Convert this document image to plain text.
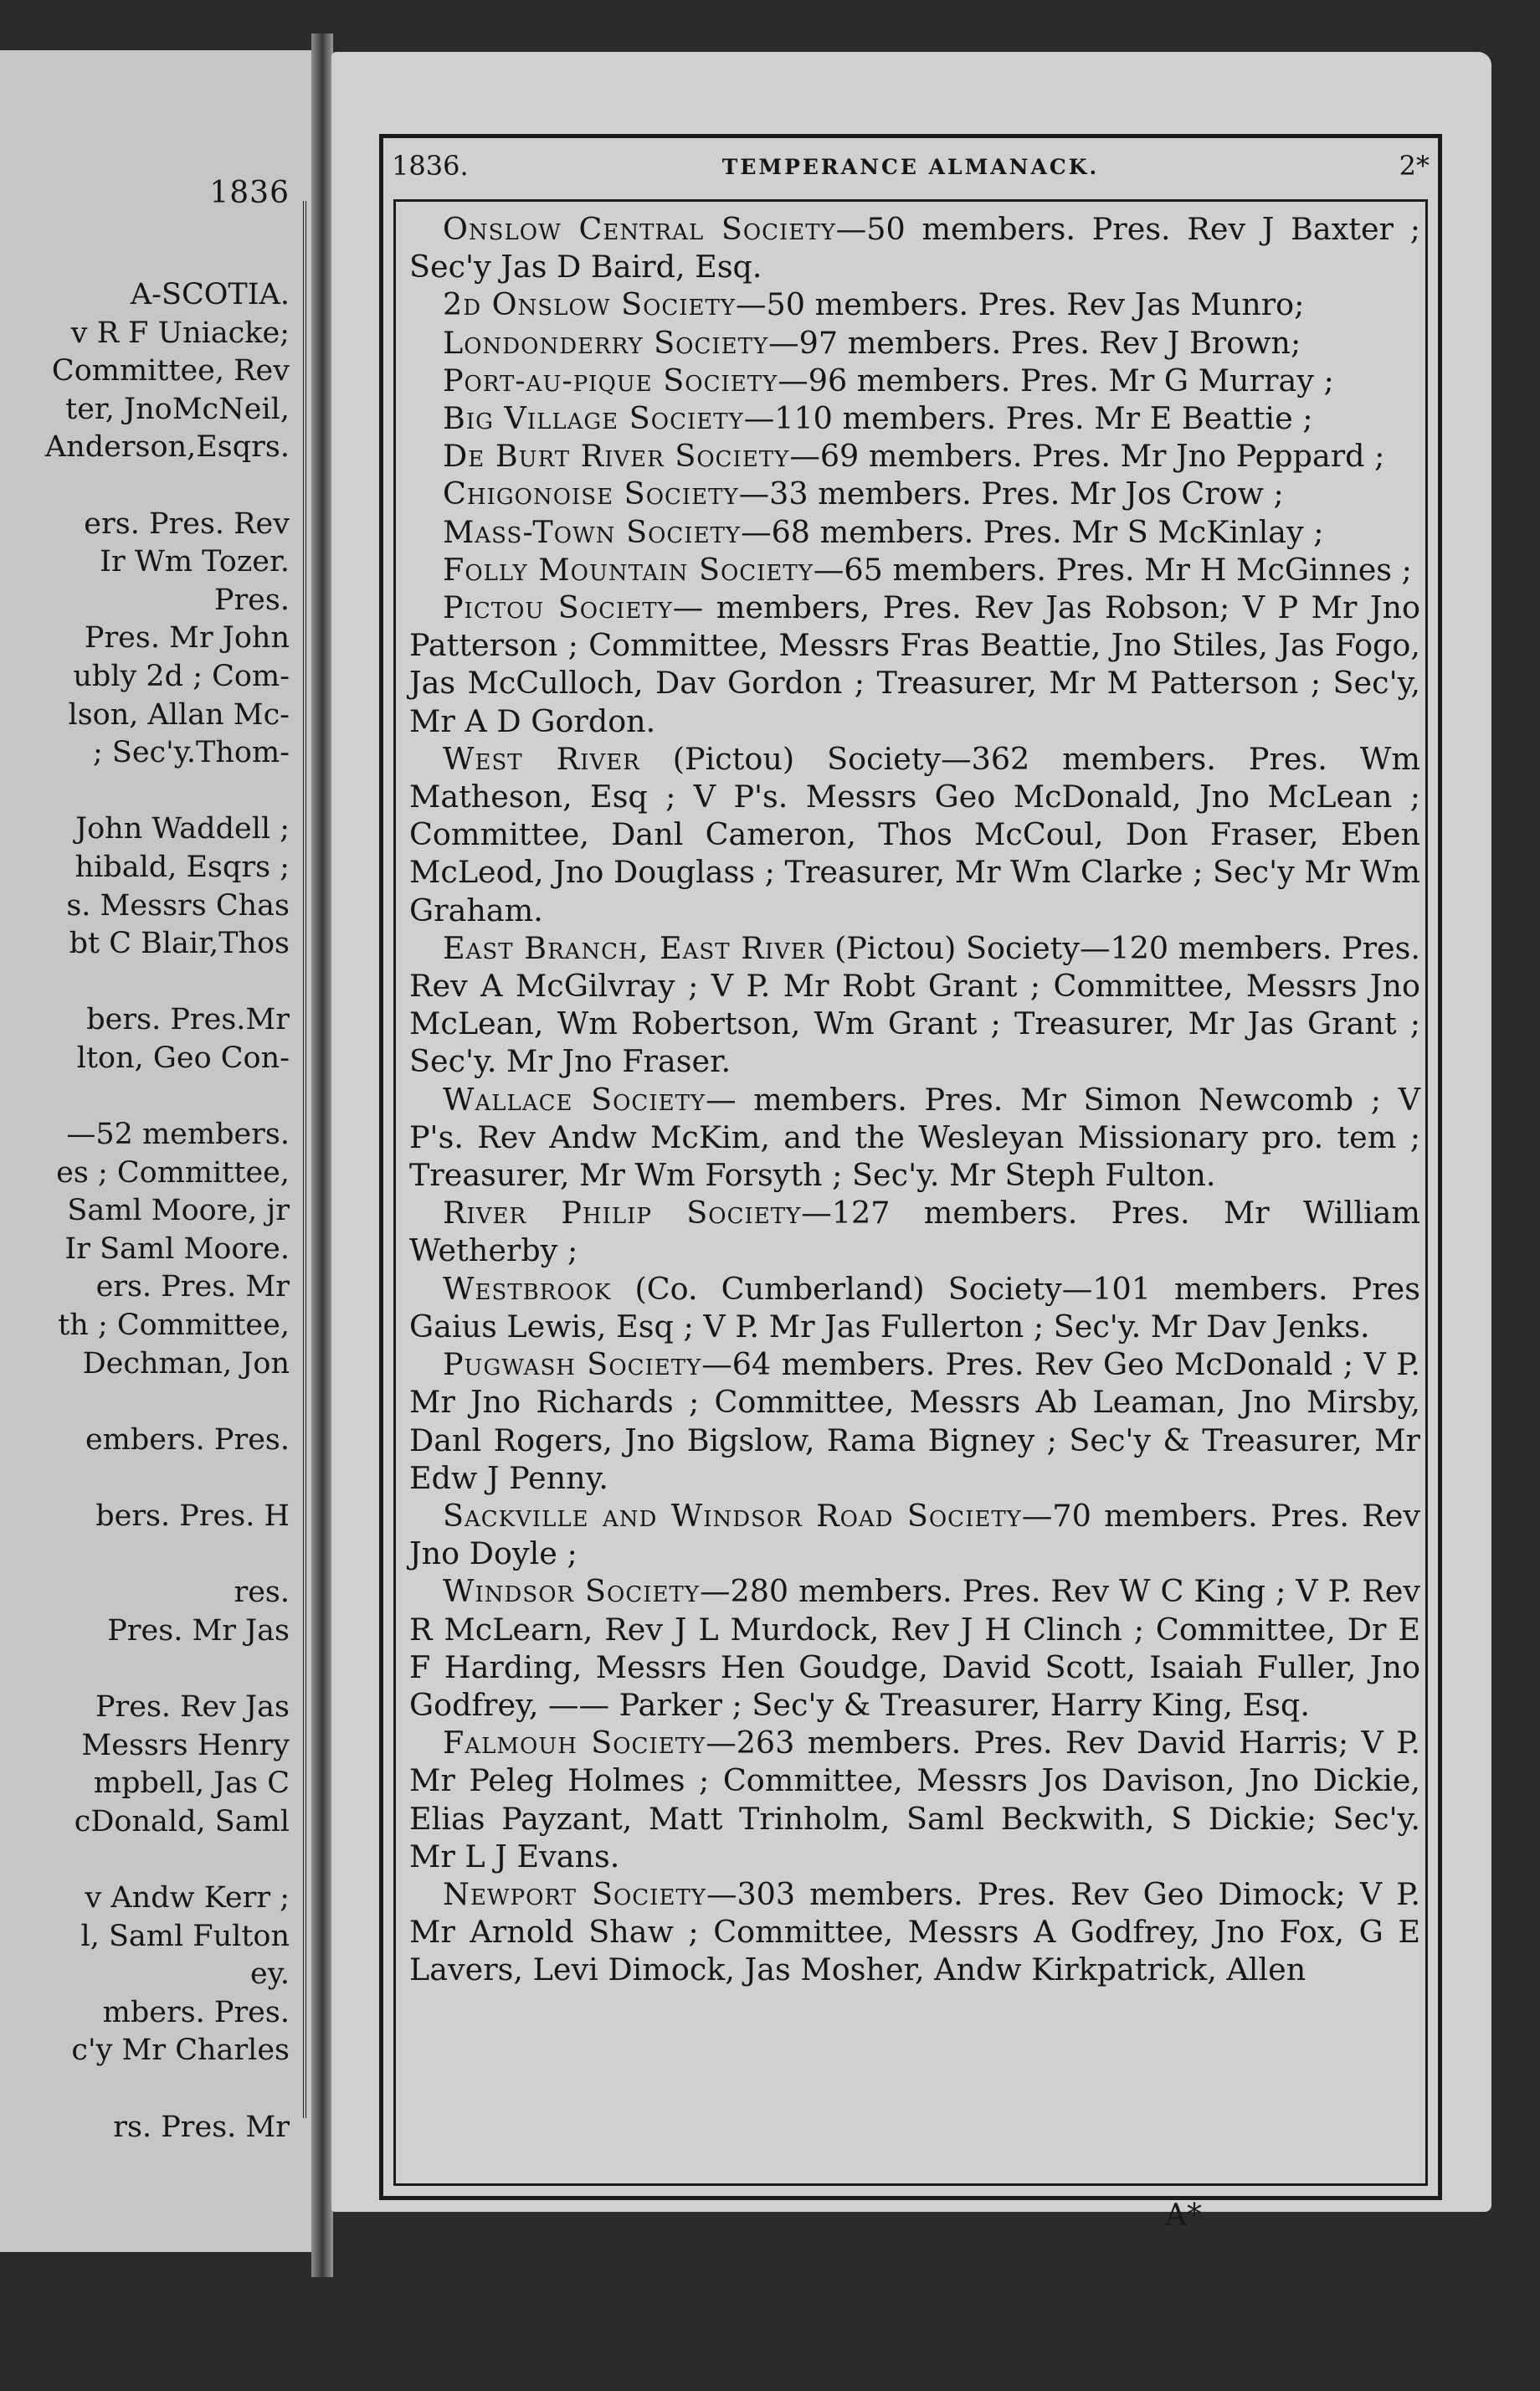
1836
A-SCOTIA.
v R F Uniacke;
Committee, Rev
ter, JnoMcNeil,
Anderson,Esqrs.
ers. Pres. Rev
Ir Wm Tozer.
Pres.
Pres. Mr John
ubly 2d ; Com-
lson, Allan Mc-
; Sec'y.Thom-
John Waddell ;
hibald, Esqrs ;
s. Messrs Chas
bt C Blair,Thos
bers. Pres.Mr
lton, Geo Con-
—52 members.
es ; Committee,
Saml Moore, jr
Ir Saml Moore.
ers. Pres. Mr
th ; Committee,
Dechman, Jon
embers. Pres.
bers. Pres. H
res.
Pres. Mr Jas
Pres. Rev Jas
Messrs Henry
mpbell, Jas C
cDonald, Saml
v Andw Kerr ;
l, Saml Fulton
ey.
mbers. Pres.
c'y Mr Charles
rs. Pres. Mr
1836.	TEMPERANCE ALMANACK.	2*

Onslow Central Society—50 members. Pres. Rev J Baxter ; Sec'y Jas D Baird, Esq.

2d Onslow Society—50 members. Pres. Rev Jas Munro;

Londonderry Society—97 members. Pres. Rev J Brown;

Port-au-pique Society—96 members. Pres. Mr G Murray ;

Big Village Society—110 members. Pres. Mr E Beattie ;

De Burt River Society—69 members. Pres. Mr Jno Peppard ;

Chigonoise Society—33 members. Pres. Mr Jos Crow ;

Mass-Town Society—68 members. Pres. Mr S McKinlay ;

Folly Mountain Society—65 members. Pres. Mr H McGinnes ;

Pictou Society— members, Pres. Rev Jas Robson; V P Mr Jno Patterson ; Committee, Messrs Fras Beattie, Jno Stiles, Jas Fogo, Jas McCulloch, Dav Gordon ; Treasurer, Mr M Patterson ; Sec'y, Mr A D Gordon.

West River (Pictou) Society—362 members. Pres. Wm Matheson, Esq ; V P's. Messrs Geo McDonald, Jno McLean ; Committee, Danl Cameron, Thos McCoul, Don Fraser, Eben McLeod, Jno Douglass ; Treasurer, Mr Wm Clarke ; Sec'y Mr Wm Graham.

East Branch, East River (Pictou) Society—120 members. Pres. Rev A McGilvray ; V P. Mr Robt Grant ; Committee, Messrs Jno McLean, Wm Robertson, Wm Grant ; Treasurer, Mr Jas Grant ; Sec'y. Mr Jno Fraser.

Wallace Society— members. Pres. Mr Simon Newcomb ; V P's. Rev Andw McKim, and the Wesleyan Missionary pro. tem ; Treasurer, Mr Wm Forsyth ; Sec'y. Mr Steph Fulton.

River Philip Society—127 members. Pres. Mr William Wetherby ;

Westbrook (Co. Cumberland) Society—101 members. Pres Gaius Lewis, Esq ; V P. Mr Jas Fullerton ; Sec'y. Mr Dav Jenks.

Pugwash Society—64 members. Pres. Rev Geo McDonald ; V P. Mr Jno Richards ; Committee, Messrs Ab Leaman, Jno Mirsby, Danl Rogers, Jno Bigslow, Rama Bigney ; Sec'y & Treasurer, Mr Edw J Penny.

Sackville and Windsor Road Society—70 members. Pres. Rev Jno Doyle ;

Windsor Society—280 members. Pres. Rev W C King ; V P. Rev R McLearn, Rev J L Murdock, Rev J H Clinch ; Committee, Dr E F Harding, Messrs Hen Goudge, David Scott, Isaiah Fuller, Jno Godfrey, —— Parker ; Sec'y & Treasurer, Harry King, Esq.

Falmouh Society—263 members. Pres. Rev David Harris; V P. Mr Peleg Holmes ; Committee, Messrs Jos Davison, Jno Dickie, Elias Payzant, Matt Trinholm, Saml Beckwith, S Dickie; Sec'y. Mr L J Evans.

Newport Society—303 members. Pres. Rev Geo Dimock; V P. Mr Arnold Shaw ; Committee, Messrs A Godfrey, Jno Fox, G E Lavers, Levi Dimock, Jas Mosher, Andw Kirkpatrick, Allen

A*
